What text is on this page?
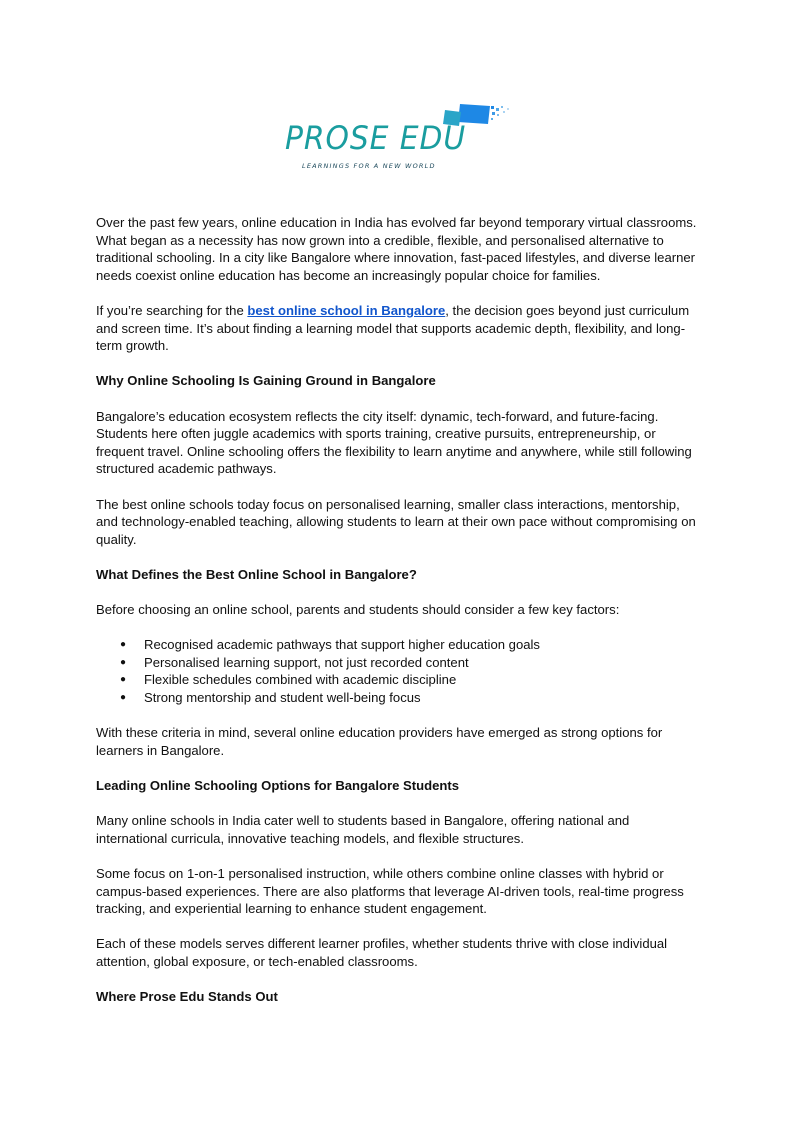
PROSE EDU
LEARNINGS FOR A NEW WORLD

Over the past few years, online education in India has evolved far beyond temporary virtual classrooms. What began as a necessity has now grown into a credible, flexible, and personalised alternative to traditional schooling. In a city like Bangalore where innovation, fast-paced lifestyles, and diverse learner needs coexist online education has become an increasingly popular choice for families.

If you’re searching for the best online school in Bangalore, the decision goes beyond just curriculum and screen time. It’s about finding a learning model that supports academic depth, flexibility, and long-term growth.

Why Online Schooling Is Gaining Ground in Bangalore

Bangalore’s education ecosystem reflects the city itself: dynamic, tech-forward, and future-facing. Students here often juggle academics with sports training, creative pursuits, entrepreneurship, or frequent travel. Online schooling offers the flexibility to learn anytime and anywhere, while still following structured academic pathways.

The best online schools today focus on personalised learning, smaller class interactions, mentorship, and technology-enabled teaching, allowing students to learn at their own pace without compromising on quality.

What Defines the Best Online School in Bangalore?

Before choosing an online school, parents and students should consider a few key factors:

● Recognised academic pathways that support higher education goals
● Personalised learning support, not just recorded content
● Flexible schedules combined with academic discipline
● Strong mentorship and student well-being focus

With these criteria in mind, several online education providers have emerged as strong options for learners in Bangalore.

Leading Online Schooling Options for Bangalore Students

Many online schools in India cater well to students based in Bangalore, offering national and international curricula, innovative teaching models, and flexible structures.

Some focus on 1-on-1 personalised instruction, while others combine online classes with hybrid or campus-based experiences. There are also platforms that leverage AI-driven tools, real-time progress tracking, and experiential learning to enhance student engagement.

Each of these models serves different learner profiles, whether students thrive with close individual attention, global exposure, or tech-enabled classrooms.

Where Prose Edu Stands Out
